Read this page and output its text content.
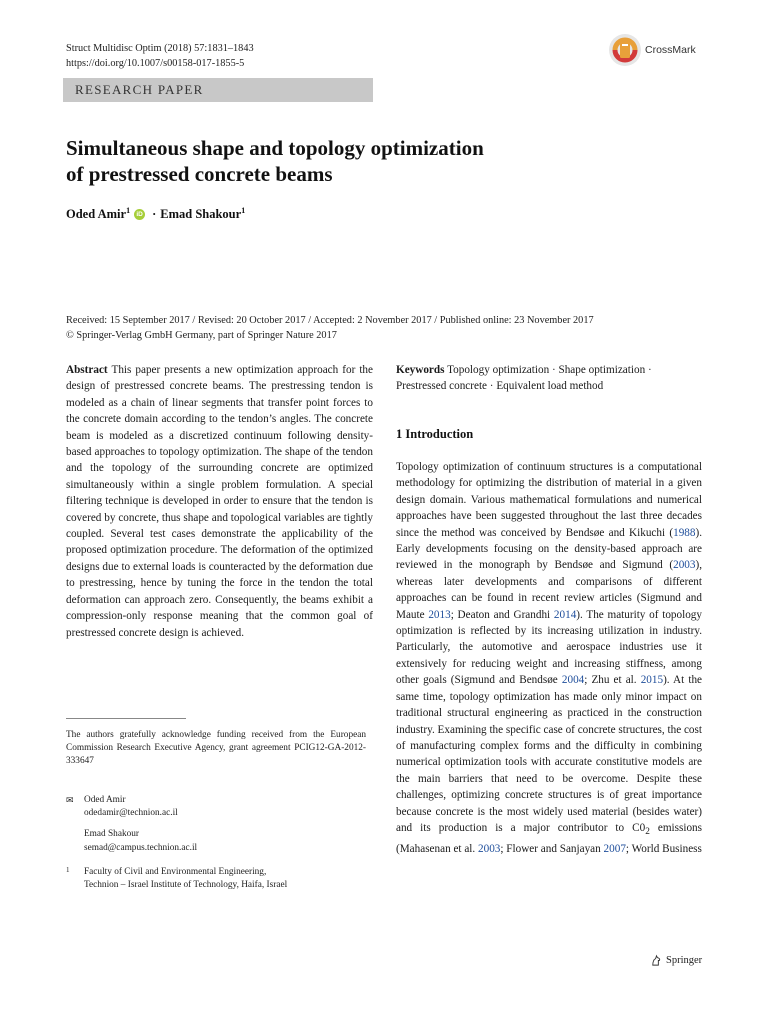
Struct Multidisc Optim (2018) 57:1831–1843
https://doi.org/10.1007/s00158-017-1855-5
CrossMark
RESEARCH PAPER
Simultaneous shape and topology optimization
of prestressed concrete beams
Oded Amir$^1$ iD · Emad Shakour$^1$
Received: 15 September 2017 / Revised: 20 October 2017 / Accepted: 2 November 2017 / Published online: 23 November 2017
© Springer-Verlag GmbH Germany, part of Springer Nature 2017
Abstract This paper presents a new optimization approach for the design of prestressed concrete beams. The prestressing tendon is modeled as a chain of linear segments that transfer point forces to the concrete domain according to the tendon’s angles. The concrete beam is modeled as a discretized continuum following density-based approaches to topology optimization. The shape of the tendon and the topology of the surrounding concrete are optimized simultaneously within a single problem formulation. A special filtering technique is developed in order to ensure that the tendon is covered by concrete, thus shape and topological variables are tightly coupled. Several test cases demonstrate the applicability of the proposed optimization procedure. The deformation of the optimized designs due to external loads is counteracted by the deformation due to prestressing, hence by tuning the force in the tendon the total deformation can approach zero. Consequently, the beams exhibit a compression-only response meaning that the common goal of prestressed concrete design is achieved.
Keywords Topology optimization · Shape optimization · Prestressed concrete · Equivalent load method
1 Introduction
Topology optimization of continuum structures is a computational methodology for optimizing the distribution of material in a given design domain. Various mathematical formulations and numerical approaches have been suggested throughout the last three decades since the method was conceived by Bendsøe and Kikuchi (1988). Early developments focusing on the density-based approach are reviewed in the monograph by Bendsøe and Sigmund (2003), whereas later developments and comparisons of different approaches can be found in recent review articles (Sigmund and Maute 2013; Deaton and Grandhi 2014). The maturity of topology optimization is reflected by its increasing utilization in industry. Particularly, the automotive and aerospace industries use it extensively for reducing weight and increasing stiffness, among other goals (Sigmund and Bendsøe 2004; Zhu et al. 2015). At the same time, topology optimization has made only minor impact on traditional structural engineering as practiced in the construction industry. Examining the specific case of concrete structures, the cost of manufacturing complex forms and the difficulty in combining numerical optimization tools with accurate constitutive models are the main barriers that need to be overcome. Despite these challenges, optimizing concrete structures is of great importance because concrete is the most widely used material (besides water) and its production is a major contributor to $C0_2$ emissions (Mahasenan et al. 2003; Flower and Sanjayan 2007; World Business
The authors gratefully acknowledge funding received from the European Commission Research Executive Agency, grant agreement PCIG12-GA-2012-333647
✉ Oded Amir
odedamir@technion.ac.il
Emad Shakour
semad@campus.technion.ac.il
1 Faculty of Civil and Environmental Engineering,
Technion – Israel Institute of Technology, Haifa, Israel
Springer
